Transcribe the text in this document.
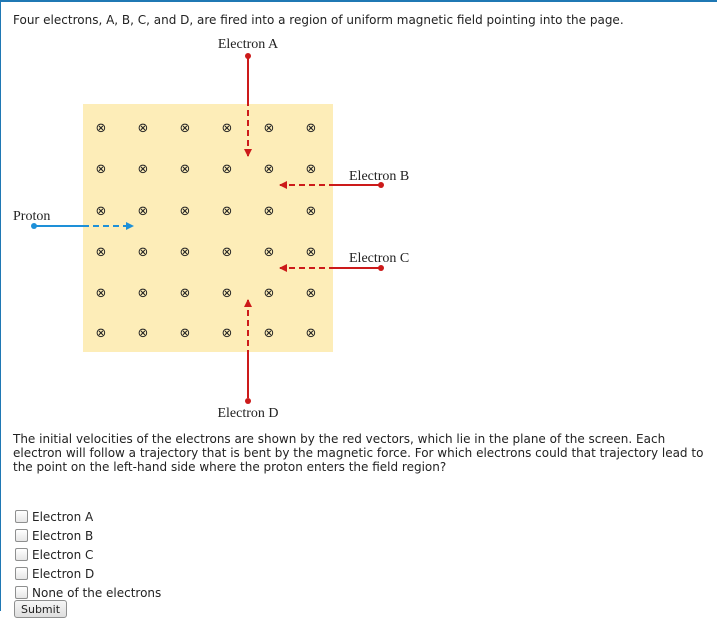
Four electrons, A, B, C, and D, are fired into a region of uniform magnetic field pointing into the page.
⊗ ⊗ ⊗ ⊗ ⊗ ⊗
⊗ ⊗ ⊗ ⊗ ⊗ ⊗
⊗ ⊗ ⊗ ⊗ ⊗ ⊗
⊗ ⊗ ⊗ ⊗ ⊗ ⊗
⊗ ⊗ ⊗ ⊗ ⊗ ⊗
⊗ ⊗ ⊗ ⊗ ⊗ ⊗
Electron A
Electron B
Electron C
Electron D
Proton
The initial velocities of the electrons are shown by the red vectors, which lie in the plane of the screen. Each electron will follow a trajectory that is bent by the magnetic force. For which electrons could that trajectory lead to the point on the left-hand side where the proton enters the field region?
Electron A
Electron B
Electron C
Electron D
None of the electrons
Submit
